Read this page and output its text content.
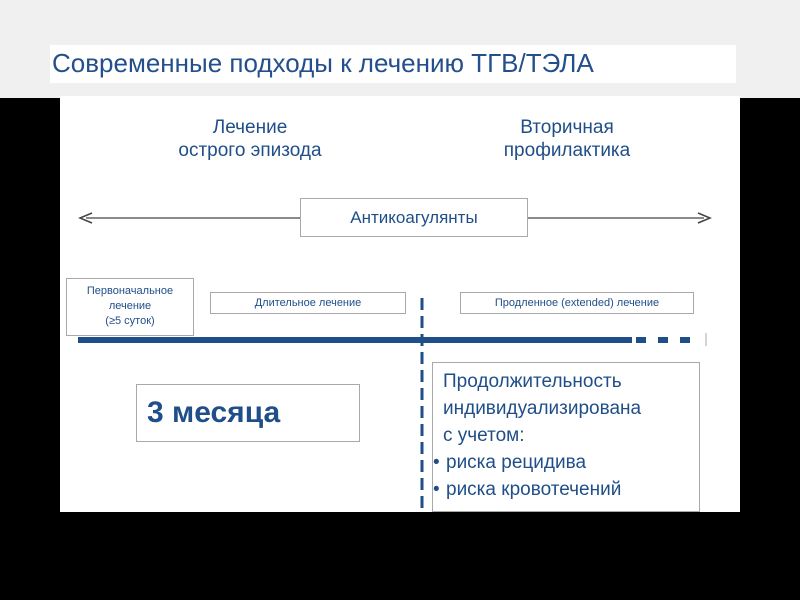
Современные подходы к лечению ТГВ/ТЭЛА
Лечение
острого эпизода
Вторичная
профилактика
Антикоагулянты
Первоначальное
лечение
(≥5 суток)
Длительное лечение	Продленное (extended) лечение
3 месяца
Продолжительность
индивидуализирована
с учетом:
• риска рецидива
• риска кровотечений
